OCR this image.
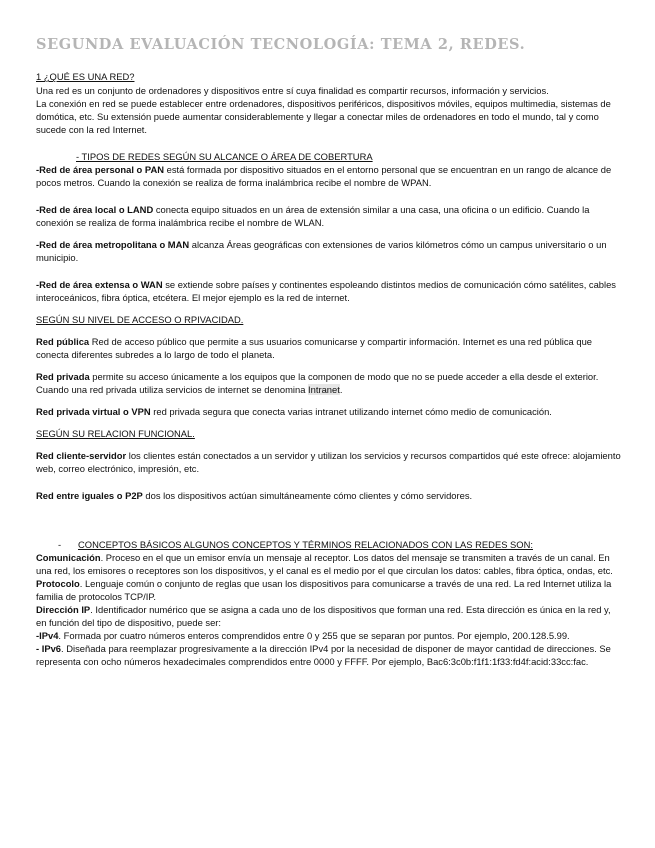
SEGUNDA EVALUACIÓN TECNOLOGÍA: TEMA 2, REDES.

1 ¿QUÉ ES UNA RED?

Una red es un conjunto de ordenadores y dispositivos entre sí cuya finalidad es compartir recursos, información y servicios.

La conexión en red se puede establecer entre ordenadores, dispositivos periféricos, dispositivos móviles, equipos multimedia, sistemas de domótica, etc. Su extensión puede aumentar considerablemente y llegar a conectar miles de ordenadores en todo el mundo, tal y como sucede con la red Internet.

- TIPOS DE REDES SEGÚN SU ALCANCE O ÁREA DE COBERTURA

-Red de área personal o PAN está formada por dispositivo situados en el entorno personal que se encuentran en un rango de alcance de pocos metros. Cuando la conexión se realiza de forma inalámbrica recibe el nombre de WPAN.

-Red de área local o LAND conecta equipo situados en un área de extensión similar a una casa, una oficina o un edificio. Cuando la conexión se realiza de forma inalámbrica recibe el nombre de WLAN.

-Red de área metropolitana o MAN alcanza Áreas geográficas con extensiones de varios kilómetros cómo un campus universitario o un municipio.

-Red de área extensa o WAN se extiende sobre países y continentes espoleando distintos medios de comunicación cómo satélites, cables interoceánicos, fibra óptica, etcétera. El mejor ejemplo es la red de internet.

SEGÚN SU NIVEL DE ACCESO O RPIVACIDAD.

Red pública Red de acceso público que permite a sus usuarios comunicarse y compartir información. Internet es una red pública que conecta diferentes subredes a lo largo de todo el planeta.

Red privada permite su acceso únicamente a los equipos que la componen de modo que no se puede acceder a ella desde el exterior. Cuando una red privada utiliza servicios de internet se denomina Intranet.

Red privada virtual o VPN red privada segura que conecta varias intranet utilizando internet cómo medio de comunicación.

SEGÚN SU RELACION FUNCIONAL.

Red cliente-servidor los clientes están conectados a un servidor y utilizan los servicios y recursos compartidos qué este ofrece: alojamiento web, correo electrónico, impresión, etc.

Red entre iguales o P2P dos los dispositivos actúan simultáneamente cómo clientes y cómo servidores.

-	CONCEPTOS BÁSICOS ALGUNOS CONCEPTOS Y TÉRMINOS RELACIONADOS CON LAS REDES SON:

Comunicación. Proceso en el que un emisor envía un mensaje al receptor. Los datos del mensaje se transmiten a través de un canal. En una red, los emisores o receptores son los dispositivos, y el canal es el medio por el que circulan los datos: cables, fibra óptica, ondas, etc.

Protocolo. Lenguaje común o conjunto de reglas que usan los dispositivos para comunicarse a través de una red. La red Internet utiliza la familia de protocolos TCP/IP.

Dirección IP. Identificador numérico que se asigna a cada uno de los dispositivos que forman una red. Esta dirección es única en la red y, en función del tipo de dispositivo, puede ser:

-IPv4. Formada por cuatro números enteros comprendidos entre 0 y 255 que se separan por puntos. Por ejemplo, 200.128.5.99.

- IPv6. Diseñada para reemplazar progresivamente a la dirección IPv4 por la necesidad de disponer de mayor cantidad de direcciones. Se representa con ocho números hexadecimales comprendidos entre 0000 y FFFF. Por ejemplo, Bac6:3c0b:f1f1:1f33:fd4f:acid:33cc:fac.
